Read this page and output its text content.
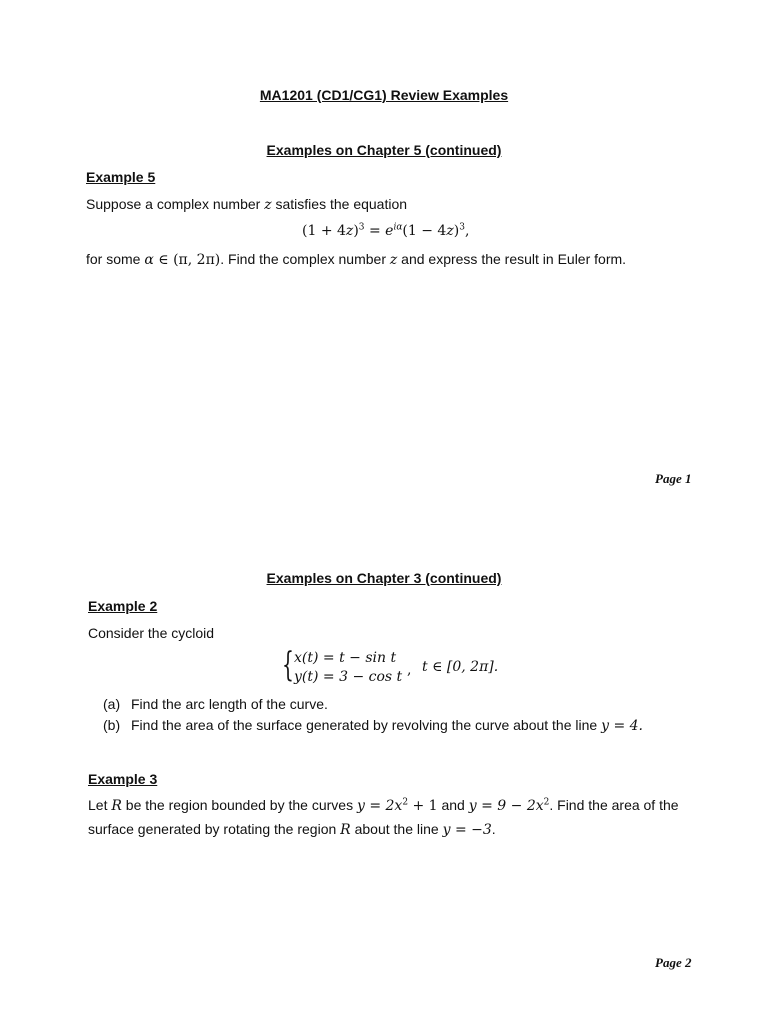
MA1201 (CD1/CG1) Review Examples
Examples on Chapter 5 (continued)
Example 5
Suppose a complex number z satisfies the equation
$(1 + 4z)^3 = e^{i\alpha}(1 - 4z)^3$,
for some α ∈ (π, 2π). Find the complex number z and express the result in Euler form.
Page 1
Examples on Chapter 3 (continued)
Example 2
Consider the cycloid
{ x(t) = t − sin t
y(t) = 3 − cos t , t ∈ [0, 2π].
(a) Find the arc length of the curve.
(b) Find the area of the surface generated by revolving the curve about the line y = 4.
Example 3
Let R be the region bounded by the curves $y = 2x^2 + 1$ and $y = 9 - 2x^2$. Find the area of the
surface generated by rotating the region R about the line y = −3.
Page 2
